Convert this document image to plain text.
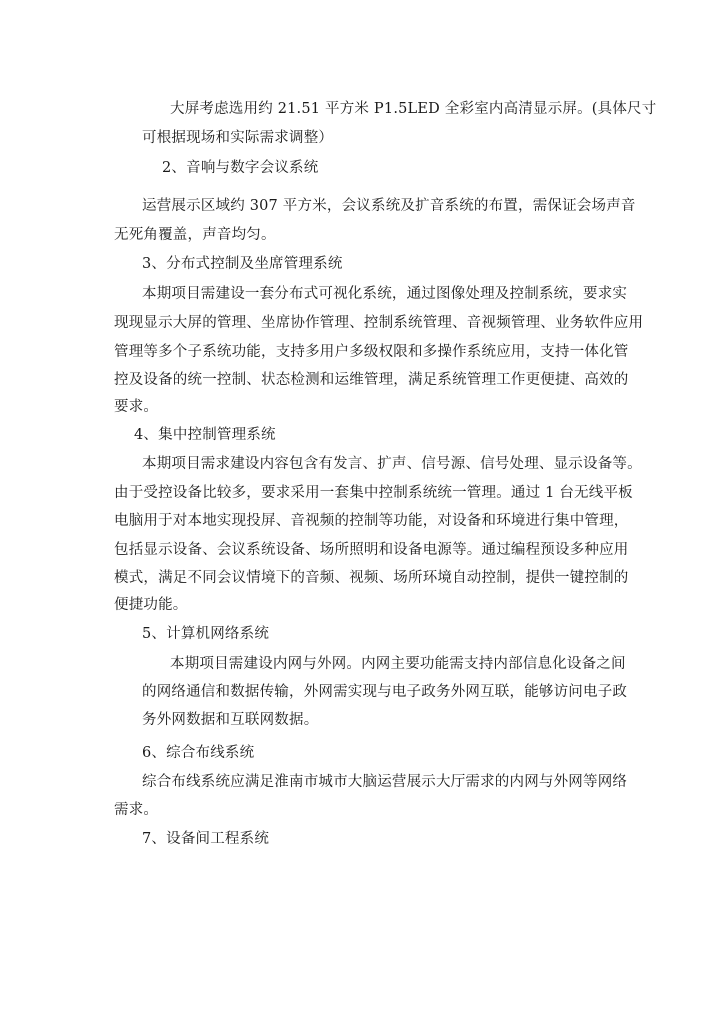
大屏考虑选用约 21.51 平方米 P1.5LED 全彩室内高清显示屏。(具体尺寸
可根据现场和实际需求调整）
2、音响与数字会议系统
运营展示区域约 307 平方米，会议系统及扩音系统的布置，需保证会场声音
无死角覆盖，声音均匀。
3、分布式控制及坐席管理系统
本期项目需建设一套分布式可视化系统，通过图像处理及控制系统，要求实
现现显示大屏的管理、坐席协作管理、控制系统管理、音视频管理、业务软件应用
管理等多个子系统功能，支持多用户多级权限和多操作系统应用，支持一体化管
控及设备的统一控制、状态检测和运维管理，满足系统管理工作更便捷、高效的
要求。
4、集中控制管理系统
本期项目需求建设内容包含有发言、扩声、信号源、信号处理、显示设备等。
由于受控设备比较多，要求采用一套集中控制系统统一管理。通过 1 台无线平板
电脑用于对本地实现投屏、音视频的控制等功能，对设备和环境进行集中管理，
包括显示设备、会议系统设备、场所照明和设备电源等。通过编程预设多种应用
模式，满足不同会议情境下的音频、视频、场所环境自动控制，提供一键控制的
便捷功能。
5、计算机网络系统
本期项目需建设内网与外网。内网主要功能需支持内部信息化设备之间
的网络通信和数据传输，外网需实现与电子政务外网互联，能够访问电子政
务外网数据和互联网数据。
6、综合布线系统
综合布线系统应满足淮南市城市大脑运营展示大厅需求的内网与外网等网络
需求。
7、设备间工程系统
